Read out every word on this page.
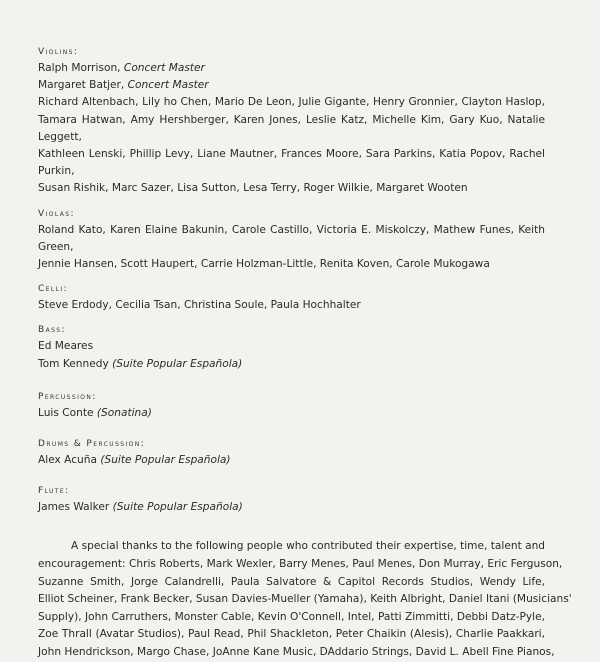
Violins:
Ralph Morrison, Concert Master
Margaret Batjer, Concert Master
Richard Altenbach, Lily ho Chen, Mario De Leon, Julie Gigante, Henry Gronnier, Clayton Haslop,
Tamara Hatwan, Amy Hershberger, Karen Jones, Leslie Katz, Michelle Kim, Gary Kuo, Natalie Leggett,
Kathleen Lenski, Phillip Levy, Liane Mautner, Frances Moore, Sara Parkins, Katia Popov, Rachel Purkin,
Susan Rishik, Marc Sazer, Lisa Sutton, Lesa Terry, Roger Wilkie, Margaret Wooten
Violas:
Roland Kato, Karen Elaine Bakunin, Carole Castillo, Victoria E. Miskolczy, Mathew Funes, Keith Green,
Jennie Hansen, Scott Haupert, Carrie Holzman-Little, Renita Koven, Carole Mukogawa
Celli:
Steve Erdody, Cecilia Tsan, Christina Soule, Paula Hochhalter
Bass:
Ed Meares
Tom Kennedy (Suite Popular Española)
Percussion:
Luis Conte (Sonatina)
Drums & Percussion:
Alex Acuña (Suite Popular Española)
Flute:
James Walker (Suite Popular Española)
A special thanks to the following people who contributed their expertise, time, talent and
encouragement: Chris Roberts, Mark Wexler, Barry Menes, Paul Menes, Don Murray, Eric Ferguson,
Suzanne Smith, Jorge Calandrelli, Paula Salvatore & Capitol Records Studios, Wendy Life,
Elliot Scheiner, Frank Becker, Susan Davies-Mueller (Yamaha), Keith Albright, Daniel Itani (Musicians'
Supply), John Carruthers, Monster Cable, Kevin O'Connell, Intel, Patti Zimmitti, Debbi Datz-Pyle,
Zoe Thrall (Avatar Studios), Paul Read, Phil Shackleton, Peter Chaikin (Alesis), Charlie Paakkari,
John Hendrickson, Margo Chase, JoAnne Kane Music, DAddario Strings, David L. Abell Fine Pianos,
